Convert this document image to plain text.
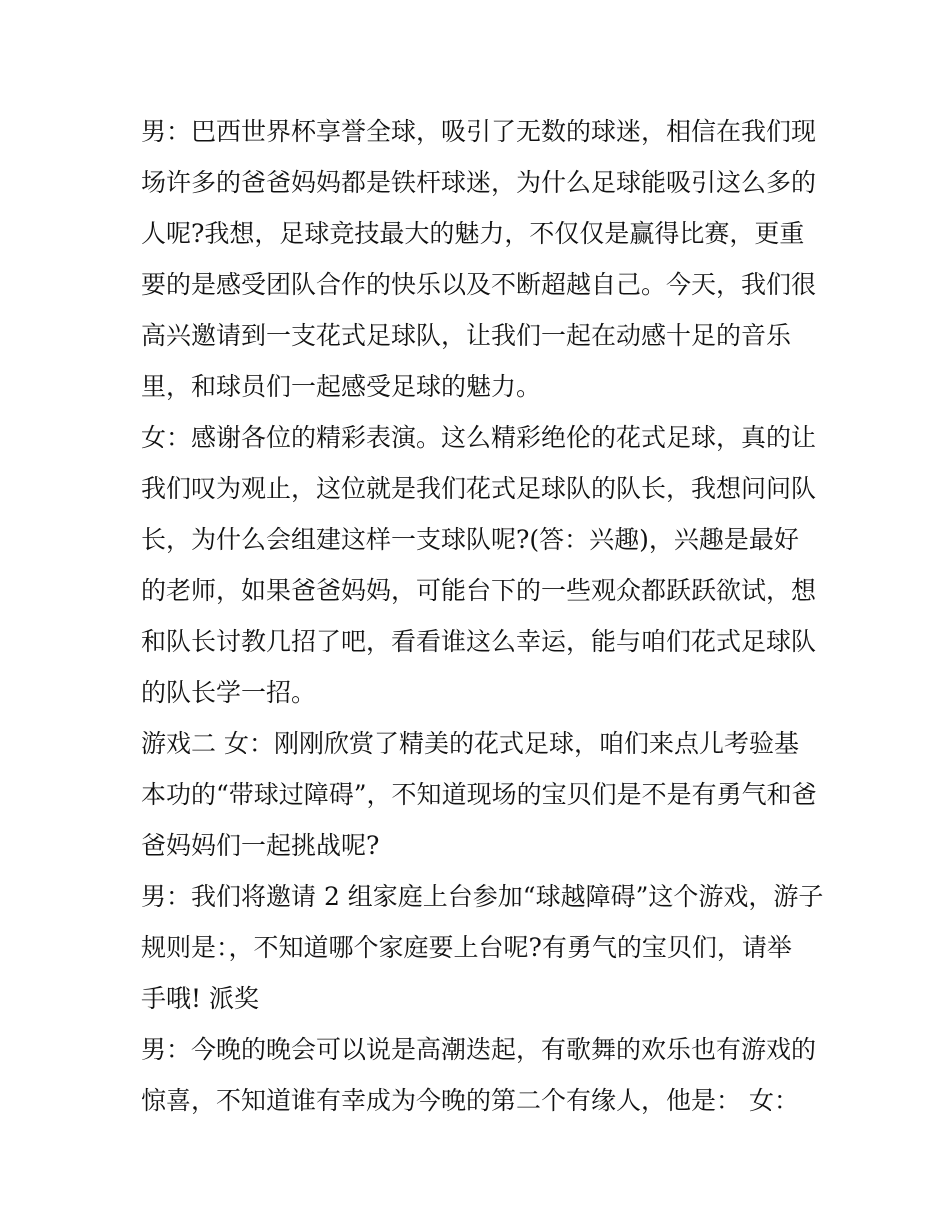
男：巴西世界杯享誉全球，吸引了无数的球迷，相信在我们现
场许多的爸爸妈妈都是铁杆球迷，为什么足球能吸引这么多的
人呢?我想，足球竞技最大的魅力，不仅仅是赢得比赛，更重
要的是感受团队合作的快乐以及不断超越自己。今天，我们很
高兴邀请到一支花式足球队，让我们一起在动感十足的音乐
里，和球员们一起感受足球的魅力。

女：感谢各位的精彩表演。这么精彩绝伦的花式足球，真的让
我们叹为观止，这位就是我们花式足球队的队长，我想问问队
长，为什么会组建这样一支球队呢?(答：兴趣)，兴趣是最好
的老师，如果爸爸妈妈，可能台下的一些观众都跃跃欲试，想
和队长讨教几招了吧，看看谁这么幸运，能与咱们花式足球队
的队长学一招。

游戏二 女：刚刚欣赏了精美的花式足球，咱们来点儿考验基
本功的“带球过障碍”，不知道现场的宝贝们是不是有勇气和爸
爸妈妈们一起挑战呢?

男：我们将邀请 2 组家庭上台参加“球越障碍”这个游戏，游子
规则是：，不知道哪个家庭要上台呢?有勇气的宝贝们，请举
手哦! 派奖

男：今晚的晚会可以说是高潮迭起，有歌舞的欢乐也有游戏的
惊喜，不知道谁有幸成为今晚的第二个有缘人，他是： 女：
